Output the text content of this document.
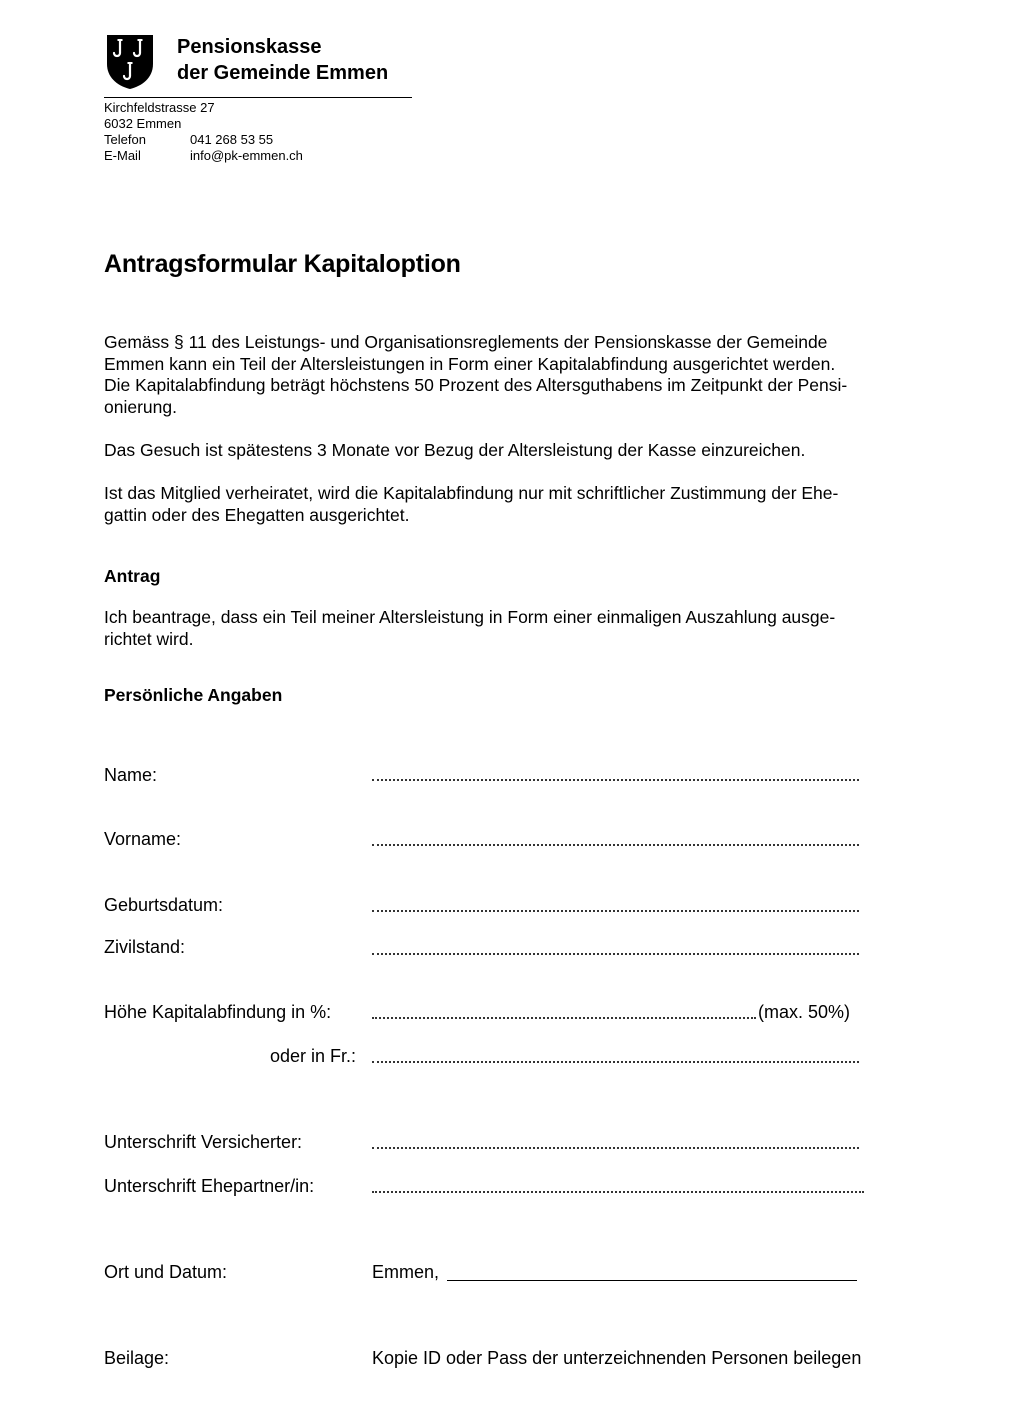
Pensionskasse
der Gemeinde Emmen
Kirchfeldstrasse 27
6032 Emmen
Telefon	041 268 53 55
E-Mail	info@pk-emmen.ch
Antragsformular Kapitaloption
Gemäss § 11 des Leistungs- und Organisationsreglements der Pensionskasse der Gemeinde
Emmen kann ein Teil der Altersleistungen in Form einer Kapitalabfindung ausgerichtet werden.
Die Kapitalabfindung beträgt höchstens 50 Prozent des Altersguthabens im Zeitpunkt der Pensi-
onierung.
Das Gesuch ist spätestens 3 Monate vor Bezug der Altersleistung der Kasse einzureichen.
Ist das Mitglied verheiratet, wird die Kapitalabfindung nur mit schriftlicher Zustimmung der Ehe-
gattin oder des Ehegatten ausgerichtet.
Antrag
Ich beantrage, dass ein Teil meiner Altersleistung in Form einer einmaligen Auszahlung ausge-
richtet wird.
Persönliche Angaben
Name:
Vorname:
Geburtsdatum:
Zivilstand:
Höhe Kapitalabfindung in %:	(max. 50%)
oder in Fr.:
Unterschrift Versicherter:
Unterschrift Ehepartner/in:
Ort und Datum:	Emmen,
Beilage:	Kopie ID oder Pass der unterzeichnenden Personen beilegen
